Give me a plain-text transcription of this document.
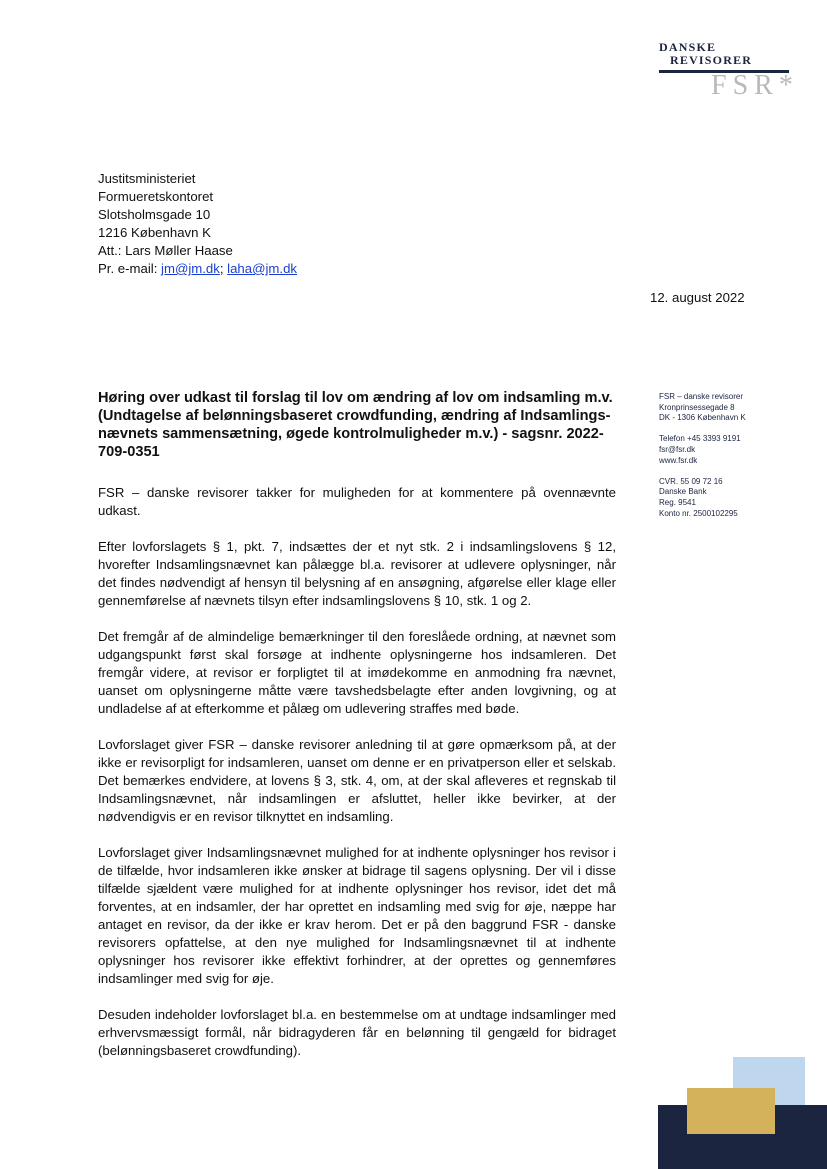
DANSKE
REVISORER
FSR*
Justitsministeriet
Formueretskontoret
Slotsholmsgade 10
1216 København K
Att.: Lars Møller Haase
Pr. e-mail: jm@jm.dk; laha@jm.dk
12. august 2022
FSR – danske revisorer
Kronprinsessegade 8
DK - 1306 København K
Telefon +45 3393 9191
fsr@fsr.dk
www.fsr.dk
CVR. 55 09 72 16
Danske Bank
Reg. 9541
Konto nr. 2500102295
Høring over udkast til forslag til lov om ændring af lov om indsamling m.v. (Undtagelse af belønningsbaseret crowdfunding, ændring af Indsamlingsnævnets sammensætning, øgede kontrolmuligheder m.v.) - sagsnr. 2022-709-0351

FSR – danske revisorer takker for muligheden for at kommentere på ovennævnte udkast.

Efter lovforslagets § 1, pkt. 7, indsættes der et nyt stk. 2 i indsamlingslovens § 12, hvorefter Indsamlingsnævnet kan pålægge bl.a. revisorer at udlevere oplysninger, når det findes nødvendigt af hensyn til belysning af en ansøgning, afgørelse eller klage eller gennemførelse af nævnets tilsyn efter indsamlingslovens § 10, stk. 1 og 2.

Det fremgår af de almindelige bemærkninger til den foreslåede ordning, at nævnet som udgangspunkt først skal forsøge at indhente oplysningerne hos indsamleren. Det fremgår videre, at revisor er forpligtet til at imødekomme en anmodning fra nævnet, uanset om oplysningerne måtte være tavshedsbelagte efter anden lovgivning, og at undladelse af at efterkomme et pålæg om udlevering straffes med bøde.

Lovforslaget giver FSR – danske revisorer anledning til at gøre opmærksom på, at der ikke er revisorpligt for indsamleren, uanset om denne er en privatperson eller et selskab. Det bemærkes endvidere, at lovens § 3, stk. 4, om, at der skal afleveres et regnskab til Indsamlingsnævnet, når indsamlingen er afsluttet, heller ikke bevirker, at der nødvendigvis er en revisor tilknyttet en indsamling.

Lovforslaget giver Indsamlingsnævnet mulighed for at indhente oplysninger hos revisor i de tilfælde, hvor indsamleren ikke ønsker at bidrage til sagens oplysning. Der vil i disse tilfælde sjældent være mulighed for at indhente oplysninger hos revisor, idet det må forventes, at en indsamler, der har oprettet en indsamling med svig for øje, næppe har antaget en revisor, da der ikke er krav herom. Det er på den baggrund FSR - danske revisorers opfattelse, at den nye mulighed for Indsamlingsnævnet til at indhente oplysninger hos revisorer ikke effektivt forhindrer, at der oprettes og gennemføres indsamlinger med svig for øje.

Desuden indeholder lovforslaget bl.a. en bestemmelse om at undtage indsamlinger med erhvervsmæssigt formål, når bidragyderen får en belønning til gengæld for bidraget (belønningsbaseret crowdfunding).
